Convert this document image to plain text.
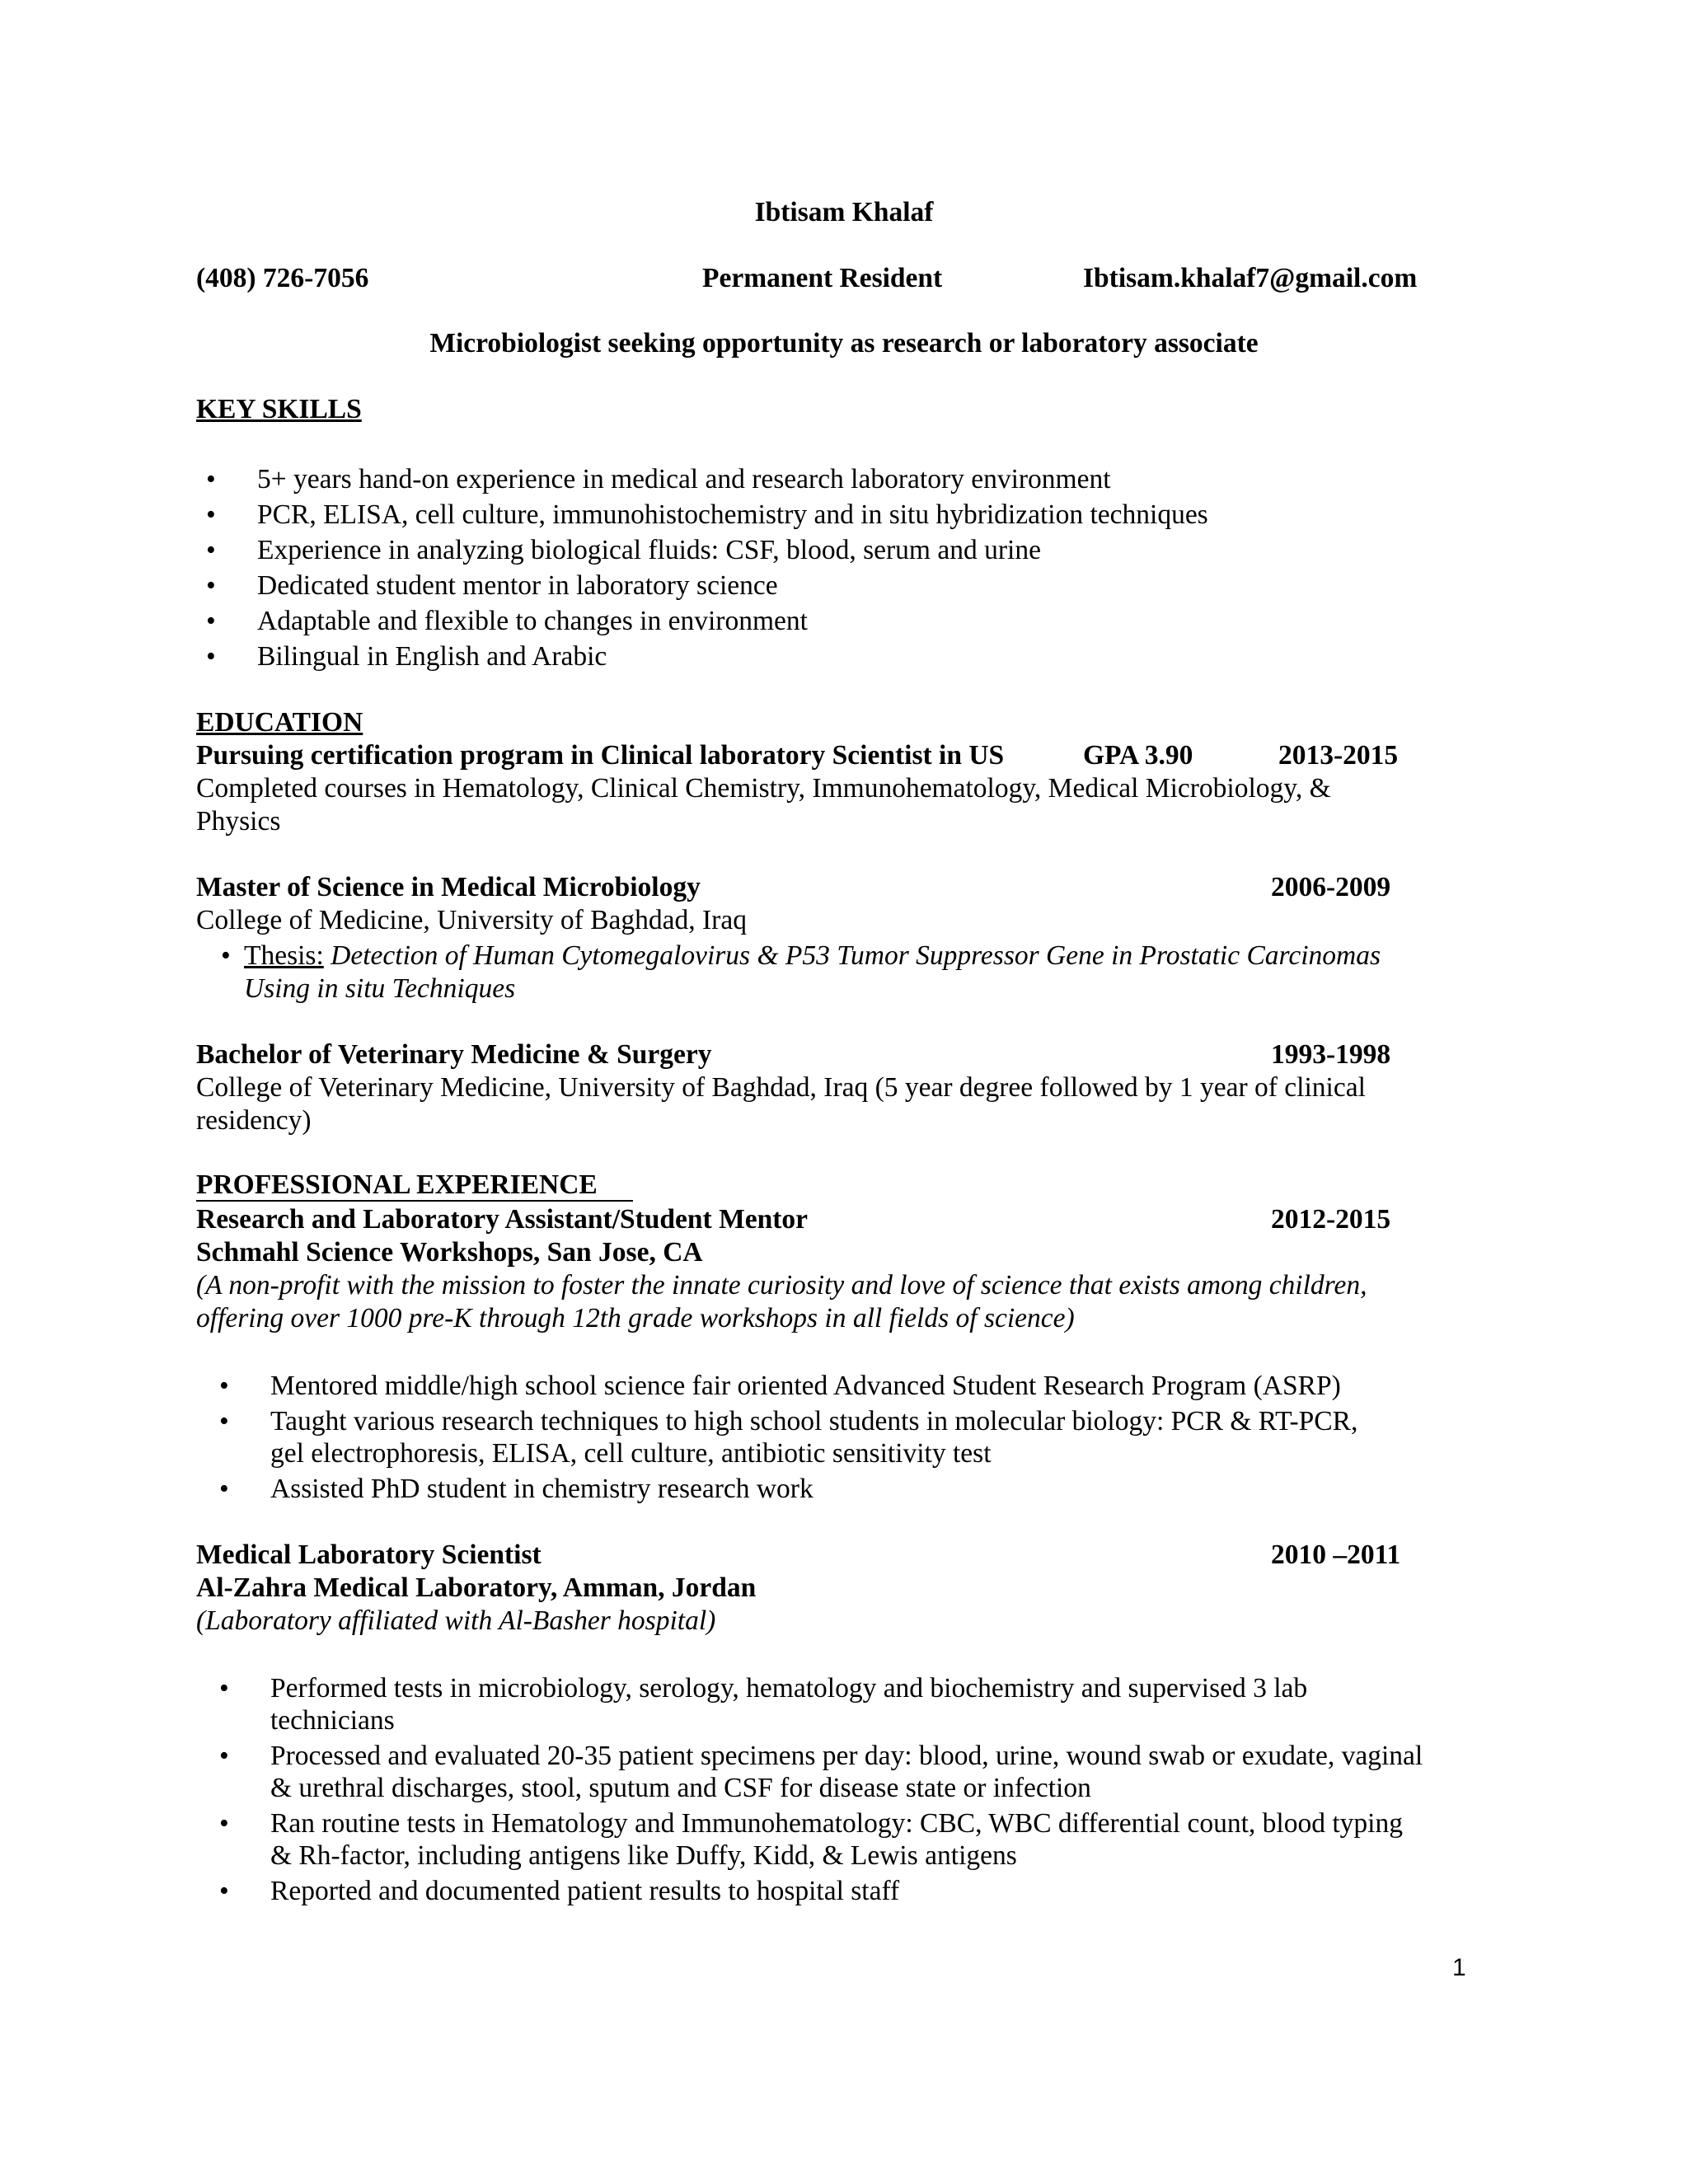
Ibtisam Khalaf
(408) 726-7056	Permanent Resident	Ibtisam.khalaf7@gmail.com
Microbiologist seeking opportunity as research or laboratory associate
KEY SKILLS
• 5+ years hand-on experience in medical and research laboratory environment
• PCR, ELISA, cell culture, immunohistochemistry and in situ hybridization techniques
• Experience in analyzing biological fluids: CSF, blood, serum and urine
• Dedicated student mentor in laboratory science
• Adaptable and flexible to changes in environment
• Bilingual in English and Arabic
EDUCATION
Pursuing certification program in Clinical laboratory Scientist in US	GPA 3.90	2013-2015
Completed courses in Hematology, Clinical Chemistry, Immunohematology, Medical Microbiology, &
Physics
Master of Science in Medical Microbiology	2006-2009
College of Medicine, University of Baghdad, Iraq
• Thesis: Detection of Human Cytomegalovirus & P53 Tumor Suppressor Gene in Prostatic Carcinomas
Using in situ Techniques
Bachelor of Veterinary Medicine & Surgery	1993-1998
College of Veterinary Medicine, University of Baghdad, Iraq (5 year degree followed by 1 year of clinical
residency)
PROFESSIONAL EXPERIENCE
Research and Laboratory Assistant/Student Mentor	2012-2015
Schmahl Science Workshops, San Jose, CA
(A non-profit with the mission to foster the innate curiosity and love of science that exists among children,
offering over 1000 pre-K through 12th grade workshops in all fields of science)
• Mentored middle/high school science fair oriented Advanced Student Research Program (ASRP)
• Taught various research techniques to high school students in molecular biology: PCR & RT-PCR,
gel electrophoresis, ELISA, cell culture, antibiotic sensitivity test
• Assisted PhD student in chemistry research work
Medical Laboratory Scientist	2010 –2011
Al-Zahra Medical Laboratory, Amman, Jordan
(Laboratory affiliated with Al-Basher hospital)
• Performed tests in microbiology, serology, hematology and biochemistry and supervised 3 lab
technicians
• Processed and evaluated 20-35 patient specimens per day: blood, urine, wound swab or exudate, vaginal
& urethral discharges, stool, sputum and CSF for disease state or infection
• Ran routine tests in Hematology and Immunohematology: CBC, WBC differential count, blood typing
& Rh-factor, including antigens like Duffy, Kidd, & Lewis antigens
• Reported and documented patient results to hospital staff
1
